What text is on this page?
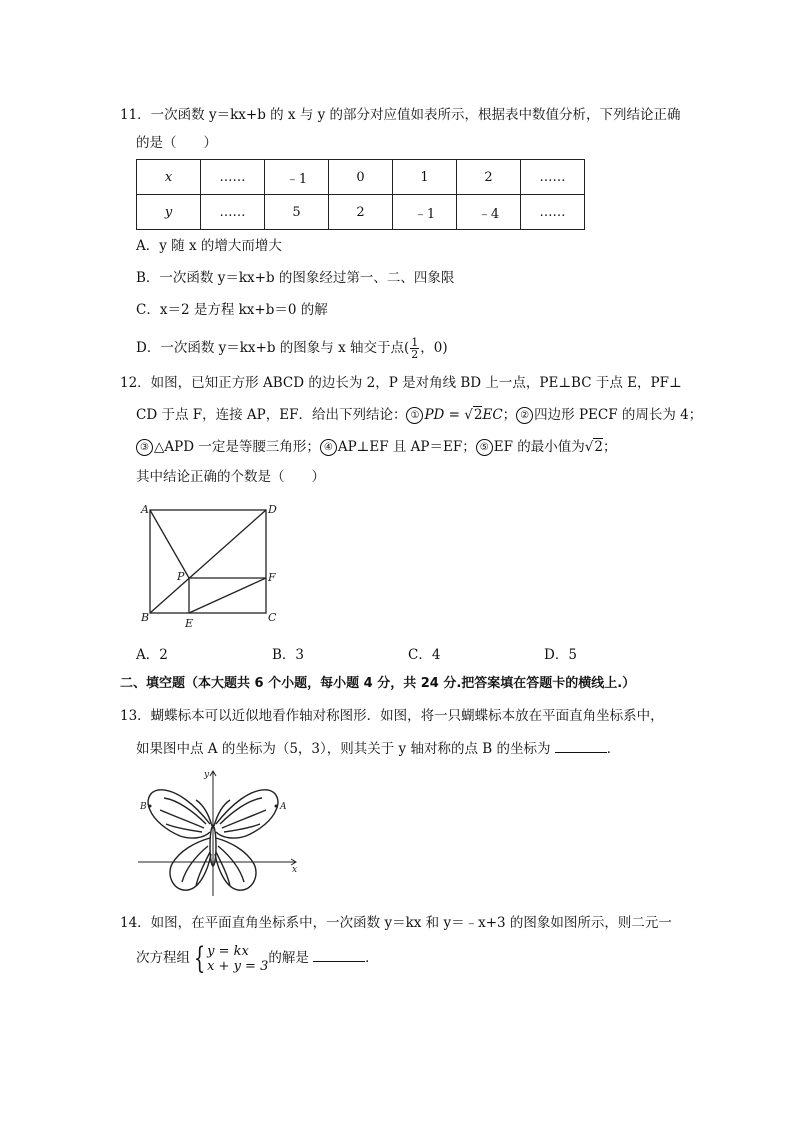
11．一次函数 y＝kx+b 的 x 与 y 的部分对应值如表所示，根据表中数值分析，下列结论正确
的是（　　）
x	……	﹣1	0	1	2	……
y	……	5	2	﹣1	﹣4	……
A．y 随 x 的增大而增大
B．一次函数 y＝kx+b 的图象经过第一、二、四象限
C．x＝2 是方程 kx+b＝0 的解
D．一次函数 y＝kx+b 的图象与 x 轴交于点( $\frac{1}{2}$ ，0)
12．如图，已知正方形 ABCD 的边长为 2，P 是对角线 BD 上一点，PE⊥BC 于点 E，PF⊥
CD 于点 F，连接 AP，EF．给出下列结论： ① PD = √2EC； ② 四边形 PECF 的周长为 4；
③ △APD 一定是等腰三角形； ④ AP⊥EF 且 AP＝EF； ⑤ EF 的最小值为√2；
其中结论正确的个数是（　　）
A	D
B	C
P	F
E
A．2	B．3	C．4	D．5
二、填空题（本大题共 6 个小题，每小题 4 分，共 24 分.把答案填在答题卡的横线上.）
13．蝴蝶标本可以近似地看作轴对称图形．如图，将一只蝴蝶标本放在平面直角坐标系中，
如果图中点 A 的坐标为（5，3），则其关于 y 轴对称的点 B 的坐标为	．
y
x
B	A
14．如图，在平面直角坐标系中，一次函数 y＝kx 和 y＝﹣x+3 的图象如图所示，则二元一
次方程组 { y = kx
x + y = 3 的解是	．
